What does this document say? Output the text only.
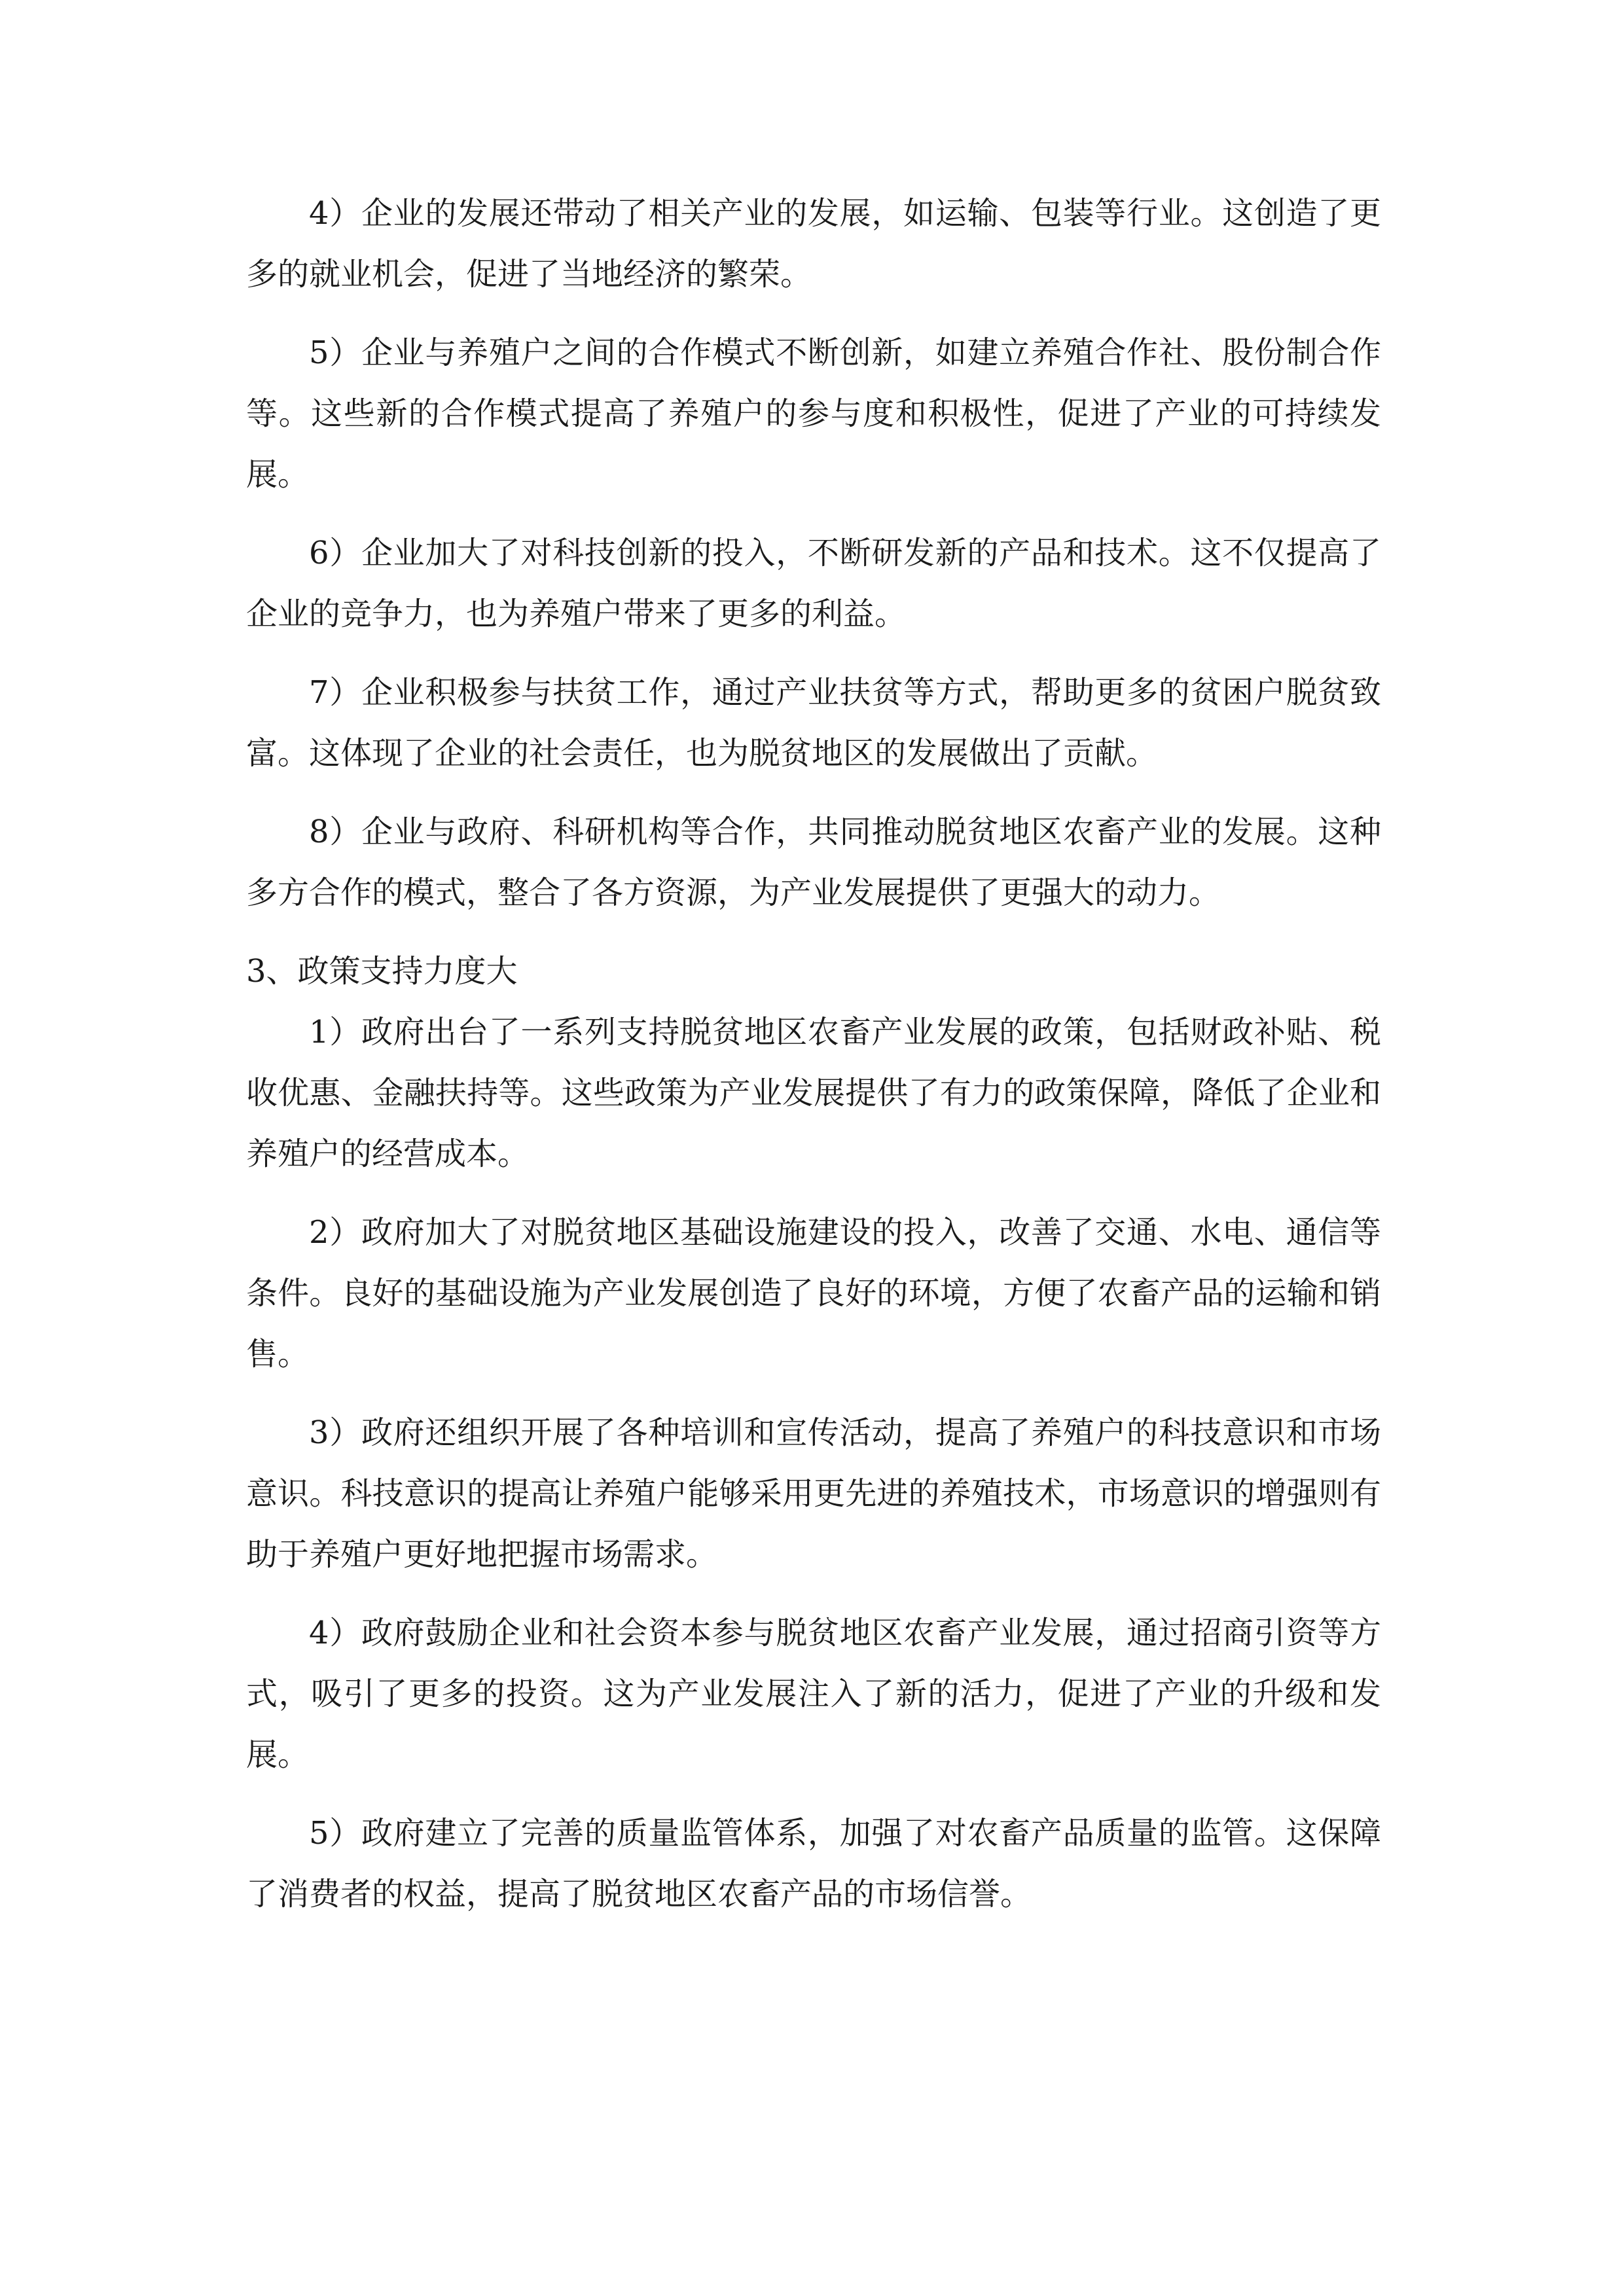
4）企业的发展还带动了相关产业的发展，如运输、包装等行业。这创造了更多的就业机会，促进了当地经济的繁荣。

5）企业与养殖户之间的合作模式不断创新，如建立养殖合作社、股份制合作等。这些新的合作模式提高了养殖户的参与度和积极性，促进了产业的可持续发展。

6）企业加大了对科技创新的投入，不断研发新的产品和技术。这不仅提高了企业的竞争力，也为养殖户带来了更多的利益。

7）企业积极参与扶贫工作，通过产业扶贫等方式，帮助更多的贫困户脱贫致富。这体现了企业的社会责任，也为脱贫地区的发展做出了贡献。

8）企业与政府、科研机构等合作，共同推动脱贫地区农畜产业的发展。这种多方合作的模式，整合了各方资源，为产业发展提供了更强大的动力。

3、政策支持力度大

1）政府出台了一系列支持脱贫地区农畜产业发展的政策，包括财政补贴、税收优惠、金融扶持等。这些政策为产业发展提供了有力的政策保障，降低了企业和养殖户的经营成本。

2）政府加大了对脱贫地区基础设施建设的投入，改善了交通、水电、通信等条件。良好的基础设施为产业发展创造了良好的环境，方便了农畜产品的运输和销售。

3）政府还组织开展了各种培训和宣传活动，提高了养殖户的科技意识和市场意识。科技意识的提高让养殖户能够采用更先进的养殖技术，市场意识的增强则有助于养殖户更好地把握市场需求。

4）政府鼓励企业和社会资本参与脱贫地区农畜产业发展，通过招商引资等方式，吸引了更多的投资。这为产业发展注入了新的活力，促进了产业的升级和发展。

5）政府建立了完善的质量监管体系，加强了对农畜产品质量的监管。这保障了消费者的权益，提高了脱贫地区农畜产品的市场信誉。
